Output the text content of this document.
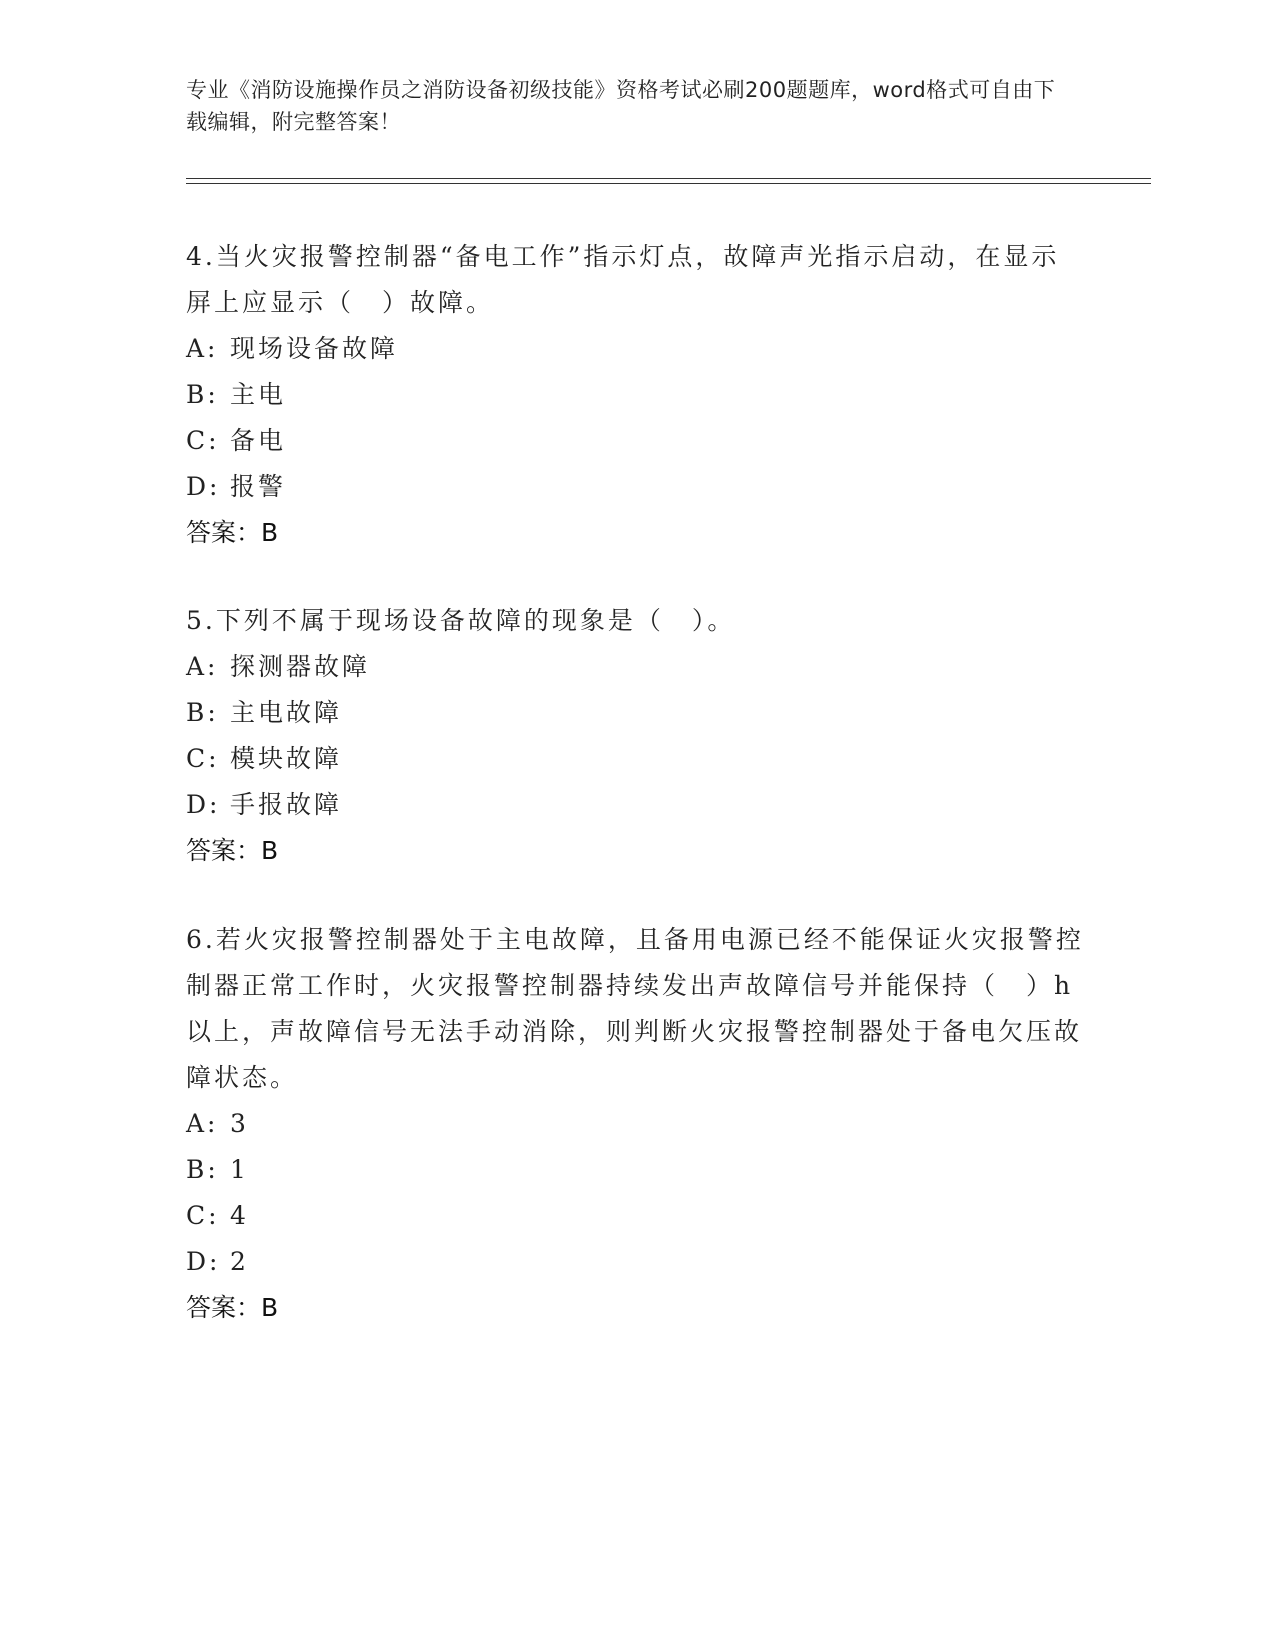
专业《消防设施操作员之消防设备初级技能》资格考试必刷200题题库，word格式可自由下载编辑，附完整答案！
4.当火灾报警控制器“备电工作”指示灯点，故障声光指示启动，在显示屏上应显示（　）故障。
A: 现场设备故障
B: 主电
C: 备电
D: 报警
答案：B
5.下列不属于现场设备故障的现象是（　）。
A: 探测器故障
B: 主电故障
C: 模块故障
D: 手报故障
答案：B
6.若火灾报警控制器处于主电故障，且备用电源已经不能保证火灾报警控制器正常工作时，火灾报警控制器持续发出声故障信号并能保持（　）h以上，声故障信号无法手动消除，则判断火灾报警控制器处于备电欠压故障状态。
A: 3
B: 1
C: 4
D: 2
答案：B
